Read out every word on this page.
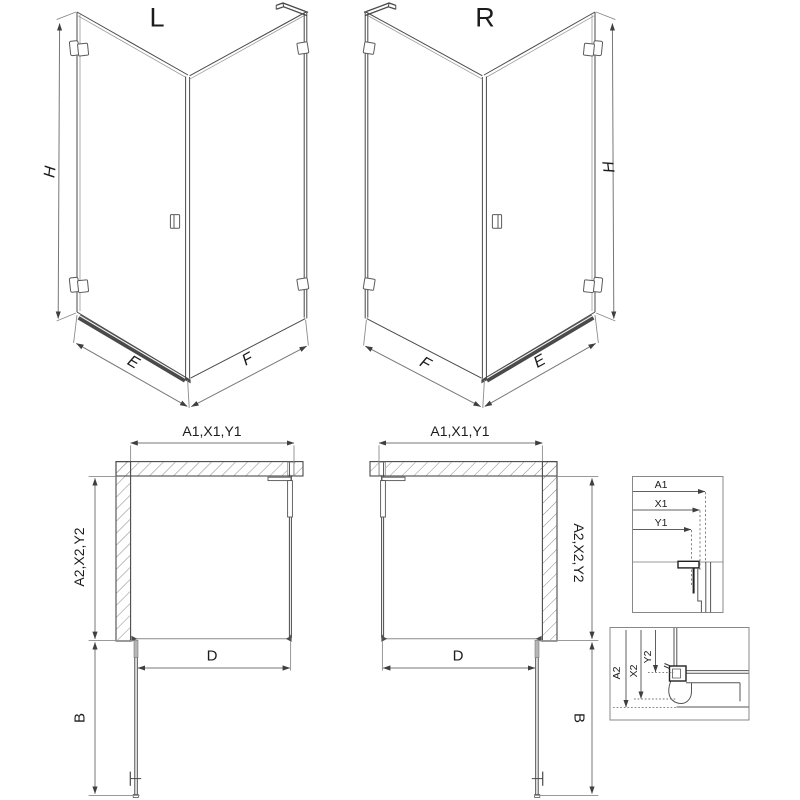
L	R
H	H
E	F	F	E
A1,X1,Y1	A1,X1,Y1
A2,X2,Y2	A2,X2,Y2
D	D
B	B
A1
X1
Y1
A2 X2
Y2
